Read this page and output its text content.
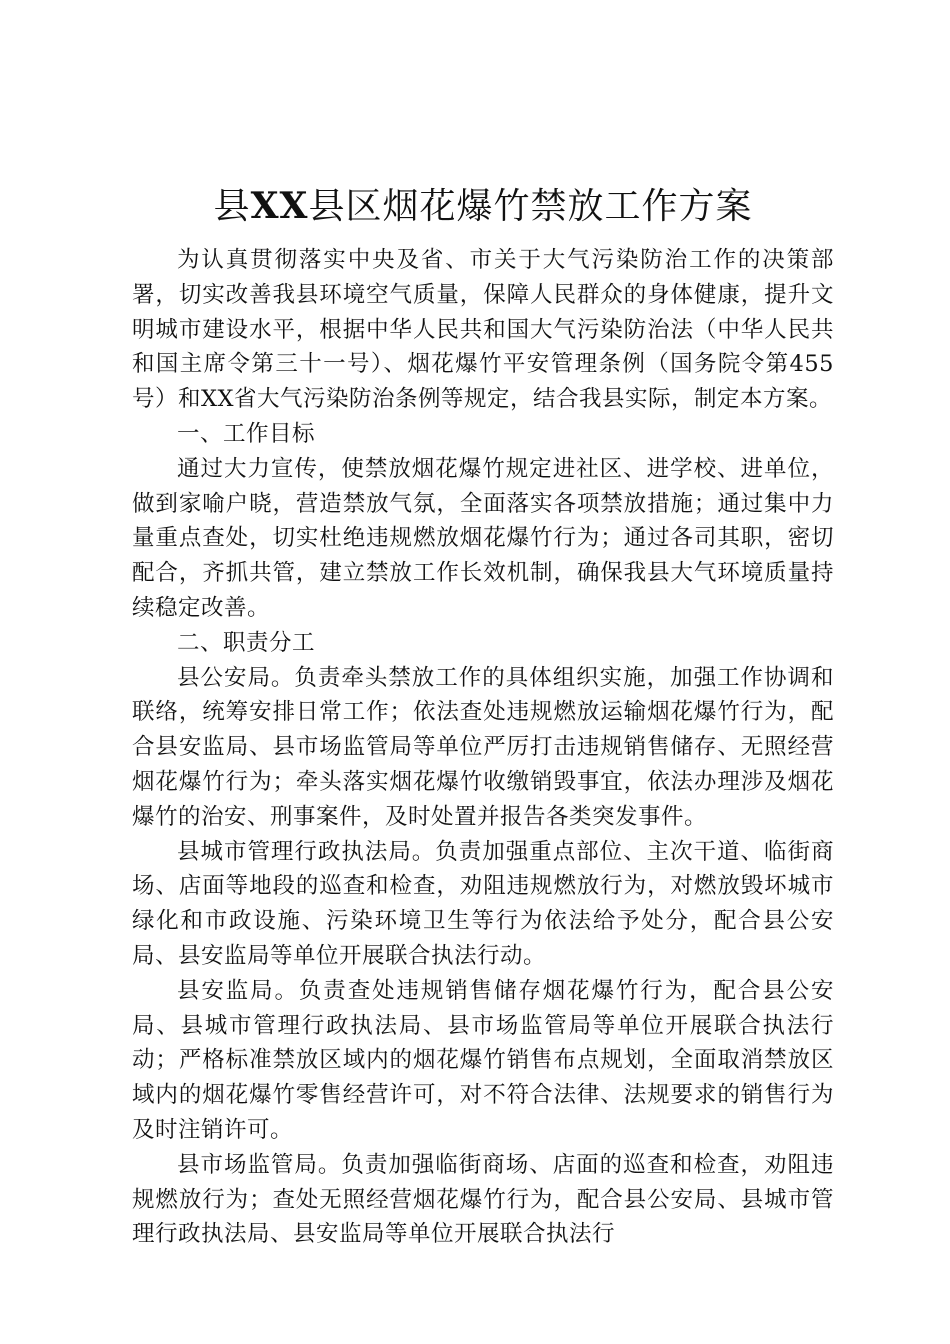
县XX县区烟花爆竹禁放工作方案

为认真贯彻落实中央及省、市关于大气污染防治工作的决策部署，切实改善我县环境空气质量，保障人民群众的身体健康，提升文明城市建设水平，根据中华人民共和国大气污染防治法（中华人民共和国主席令第三十一号）、烟花爆竹平安管理条例（国务院令第455号）和XX省大气污染防治条例等规定，结合我县实际，制定本方案。

一、工作目标

通过大力宣传，使禁放烟花爆竹规定进社区、进学校、进单位，做到家喻户晓，营造禁放气氛，全面落实各项禁放措施；通过集中力量重点查处，切实杜绝违规燃放烟花爆竹行为；通过各司其职，密切配合，齐抓共管，建立禁放工作长效机制，确保我县大气环境质量持续稳定改善。

二、职责分工

县公安局。负责牵头禁放工作的具体组织实施，加强工作协调和联络，统筹安排日常工作；依法查处违规燃放运输烟花爆竹行为，配合县安监局、县市场监管局等单位严厉打击违规销售储存、无照经营烟花爆竹行为；牵头落实烟花爆竹收缴销毁事宜，依法办理涉及烟花爆竹的治安、刑事案件，及时处置并报告各类突发事件。

县城市管理行政执法局。负责加强重点部位、主次干道、临街商场、店面等地段的巡查和检查，劝阻违规燃放行为，对燃放毁坏城市绿化和市政设施、污染环境卫生等行为依法给予处分，配合县公安局、县安监局等单位开展联合执法行动。

县安监局。负责查处违规销售储存烟花爆竹行为，配合县公安局、县城市管理行政执法局、县市场监管局等单位开展联合执法行动；严格标准禁放区域内的烟花爆竹销售布点规划，全面取消禁放区域内的烟花爆竹零售经营许可，对不符合法律、法规要求的销售行为及时注销许可。

县市场监管局。负责加强临街商场、店面的巡查和检查，劝阻违规燃放行为；查处无照经营烟花爆竹行为，配合县公安局、县城市管理行政执法局、县安监局等单位开展联合执法行
